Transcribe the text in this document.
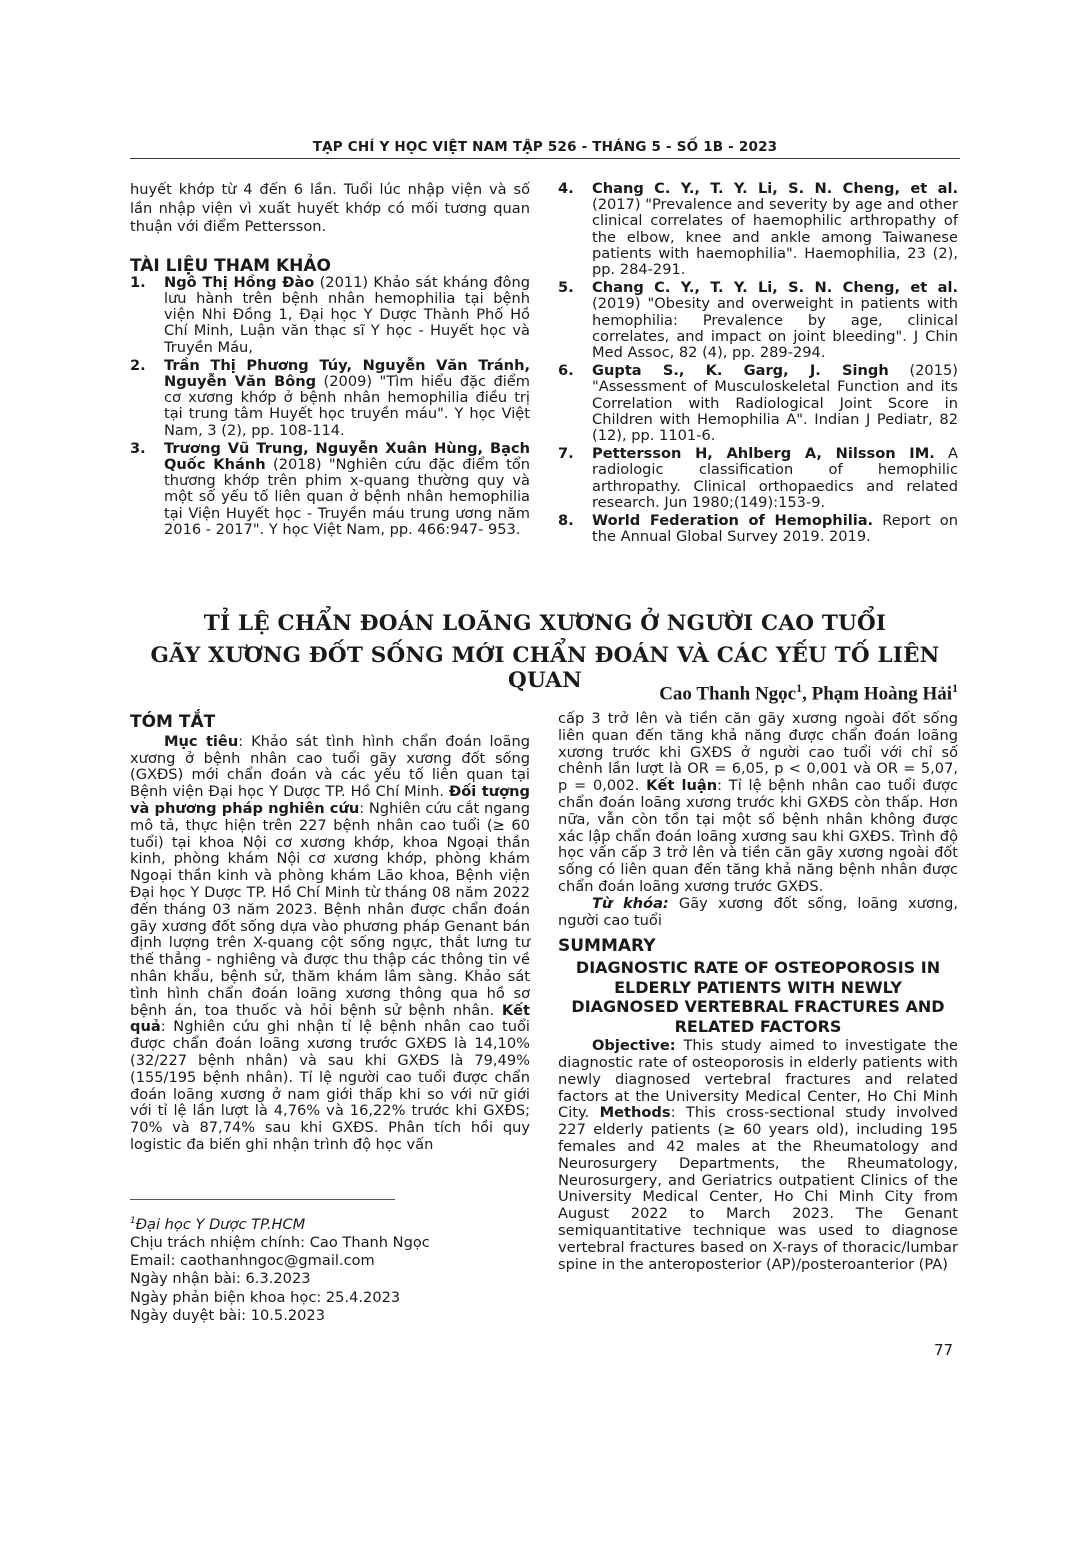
TẠP CHÍ Y HỌC VIỆT NAM TẬP 526 - THÁNG 5 - SỐ 1B - 2023

huyết khớp từ 4 đến 6 lần. Tuổi lúc nhập viện và số lần nhập viện vì xuất huyết khớp có mối tương quan thuận với điểm Pettersson.

TÀI LIỆU THAM KHẢO

1. Ngô Thị Hồng Đào (2011) Khảo sát kháng đông lưu hành trên bệnh nhân hemophilia tại bệnh viện Nhi Đồng 1, Đại học Y Dược Thành Phố Hồ Chí Minh, Luận văn thạc sĩ Y học - Huyết học và Truyền Máu,
2. Trần Thị Phương Túy, Nguyễn Văn Tránh, Nguyễn Văn Bông (2009) "Tìm hiểu đặc điểm cơ xương khớp ở bệnh nhân hemophilia điều trị tại trung tâm Huyết học truyền máu". Y học Việt Nam, 3 (2), pp. 108-114.
3. Trương Vũ Trung, Nguyễn Xuân Hùng, Bạch Quốc Khánh (2018) "Nghiên cứu đặc điểm tổn thương khớp trên phim x-quang thường quy và một số yếu tố liên quan ở bệnh nhân hemophilia tại Viện Huyết học - Truyền máu trung ương năm 2016 - 2017". Y học Việt Nam, pp. 466:947- 953.
4. Chang C. Y., T. Y. Li, S. N. Cheng, et al. (2017) "Prevalence and severity by age and other clinical correlates of haemophilic arthropathy of the elbow, knee and ankle among Taiwanese patients with haemophilia". Haemophilia, 23 (2), pp. 284-291.
5. Chang C. Y., T. Y. Li, S. N. Cheng, et al. (2019) "Obesity and overweight in patients with hemophilia: Prevalence by age, clinical correlates, and impact on joint bleeding". J Chin Med Assoc, 82 (4), pp. 289-294.
6. Gupta S., K. Garg, J. Singh (2015) "Assessment of Musculoskeletal Function and its Correlation with Radiological Joint Score in Children with Hemophilia A". Indian J Pediatr, 82 (12), pp. 1101-6.
7. Pettersson H, Ahlberg A, Nilsson IM. A radiologic classification of hemophilic arthropathy. Clinical orthopaedics and related research. Jun 1980;(149):153-9.
8. World Federation of Hemophilia. Report on the Annual Global Survey 2019. 2019.

TỈ LỆ CHẨN ĐOÁN LOÃNG XƯƠNG Ở NGƯỜI CAO TUỔI

GÃY XƯƠNG ĐỐT SỐNG MỚI CHẨN ĐOÁN VÀ CÁC YẾU TỐ LIÊN QUAN

Cao Thanh Ngọc$^1$, Phạm Hoàng Hải$^1$

TÓM TẮT

Mục tiêu: Khảo sát tình hình chẩn đoán loãng xương ở bệnh nhân cao tuổi gãy xương đốt sống (GXĐS) mới chẩn đoán và các yếu tố liên quan tại Bệnh viện Đại học Y Dược TP. Hồ Chí Minh. Đối tượng và phương pháp nghiên cứu: Nghiên cứu cắt ngang mô tả, thực hiện trên 227 bệnh nhân cao tuổi (≥ 60 tuổi) tại khoa Nội cơ xương khớp, khoa Ngoại thần kinh, phòng khám Nội cơ xương khớp, phòng khám Ngoại thần kinh và phòng khám Lão khoa, Bệnh viện Đại học Y Dược TP. Hồ Chí Minh từ tháng 08 năm 2022 đến tháng 03 năm 2023. Bệnh nhân được chẩn đoán gãy xương đốt sống dựa vào phương pháp Genant bán định lượng trên X-quang cột sống ngực, thắt lưng tư thế thẳng - nghiêng và được thu thập các thông tin về nhân khẩu, bệnh sử, thăm khám lâm sàng. Khảo sát tình hình chẩn đoán loãng xương thông qua hồ sơ bệnh án, toa thuốc và hỏi bệnh sử bệnh nhân. Kết quả: Nghiên cứu ghi nhận tỉ lệ bệnh nhân cao tuổi được chẩn đoán loãng xương trước GXĐS là 14,10% (32/227 bệnh nhân) và sau khi GXĐS là 79,49% (155/195 bệnh nhân). Tỉ lệ người cao tuổi được chẩn đoán loãng xương ở nam giới thấp khi so với nữ giới với tỉ lệ lần lượt là 4,76% và 16,22% trước khi GXĐS; 70% và 87,74% sau khi GXĐS. Phân tích hồi quy logistic đa biến ghi nhận trình độ học vấn

$^1$Đại học Y Dược TP.HCM
Chịu trách nhiệm chính: Cao Thanh Ngọc
Email: caothanhngoc@gmail.com
Ngày nhận bài: 6.3.2023
Ngày phản biện khoa học: 25.4.2023
Ngày duyệt bài: 10.5.2023

cấp 3 trở lên và tiền căn gãy xương ngoài đốt sống liên quan đến tăng khả năng được chẩn đoán loãng xương trước khi GXĐS ở người cao tuổi với chỉ số chênh lần lượt là OR = 6,05, p < 0,001 và OR = 5,07, p = 0,002. Kết luận: Tỉ lệ bệnh nhân cao tuổi được chẩn đoán loãng xương trước khi GXĐS còn thấp. Hơn nữa, vẫn còn tồn tại một số bệnh nhân không được xác lập chẩn đoán loãng xương sau khi GXĐS. Trình độ học vấn cấp 3 trở lên và tiền căn gãy xương ngoài đốt sống có liên quan đến tăng khả năng bệnh nhân được chẩn đoán loãng xương trước GXĐS.

Từ khóa: Gãy xương đốt sống, loãng xương, người cao tuổi

SUMMARY

DIAGNOSTIC RATE OF OSTEOPOROSIS IN ELDERLY PATIENTS WITH NEWLY DIAGNOSED VERTEBRAL FRACTURES AND RELATED FACTORS

Objective: This study aimed to investigate the diagnostic rate of osteoporosis in elderly patients with newly diagnosed vertebral fractures and related factors at the University Medical Center, Ho Chi Minh City. Methods: This cross-sectional study involved 227 elderly patients (≥ 60 years old), including 195 females and 42 males at the Rheumatology and Neurosurgery Departments, the Rheumatology, Neurosurgery, and Geriatrics outpatient Clinics of the University Medical Center, Ho Chi Minh City from August 2022 to March 2023. The Genant semiquantitative technique was used to diagnose vertebral fractures based on X-rays of thoracic/lumbar spine in the anteroposterior (AP)/posteroanterior (PA)

77
